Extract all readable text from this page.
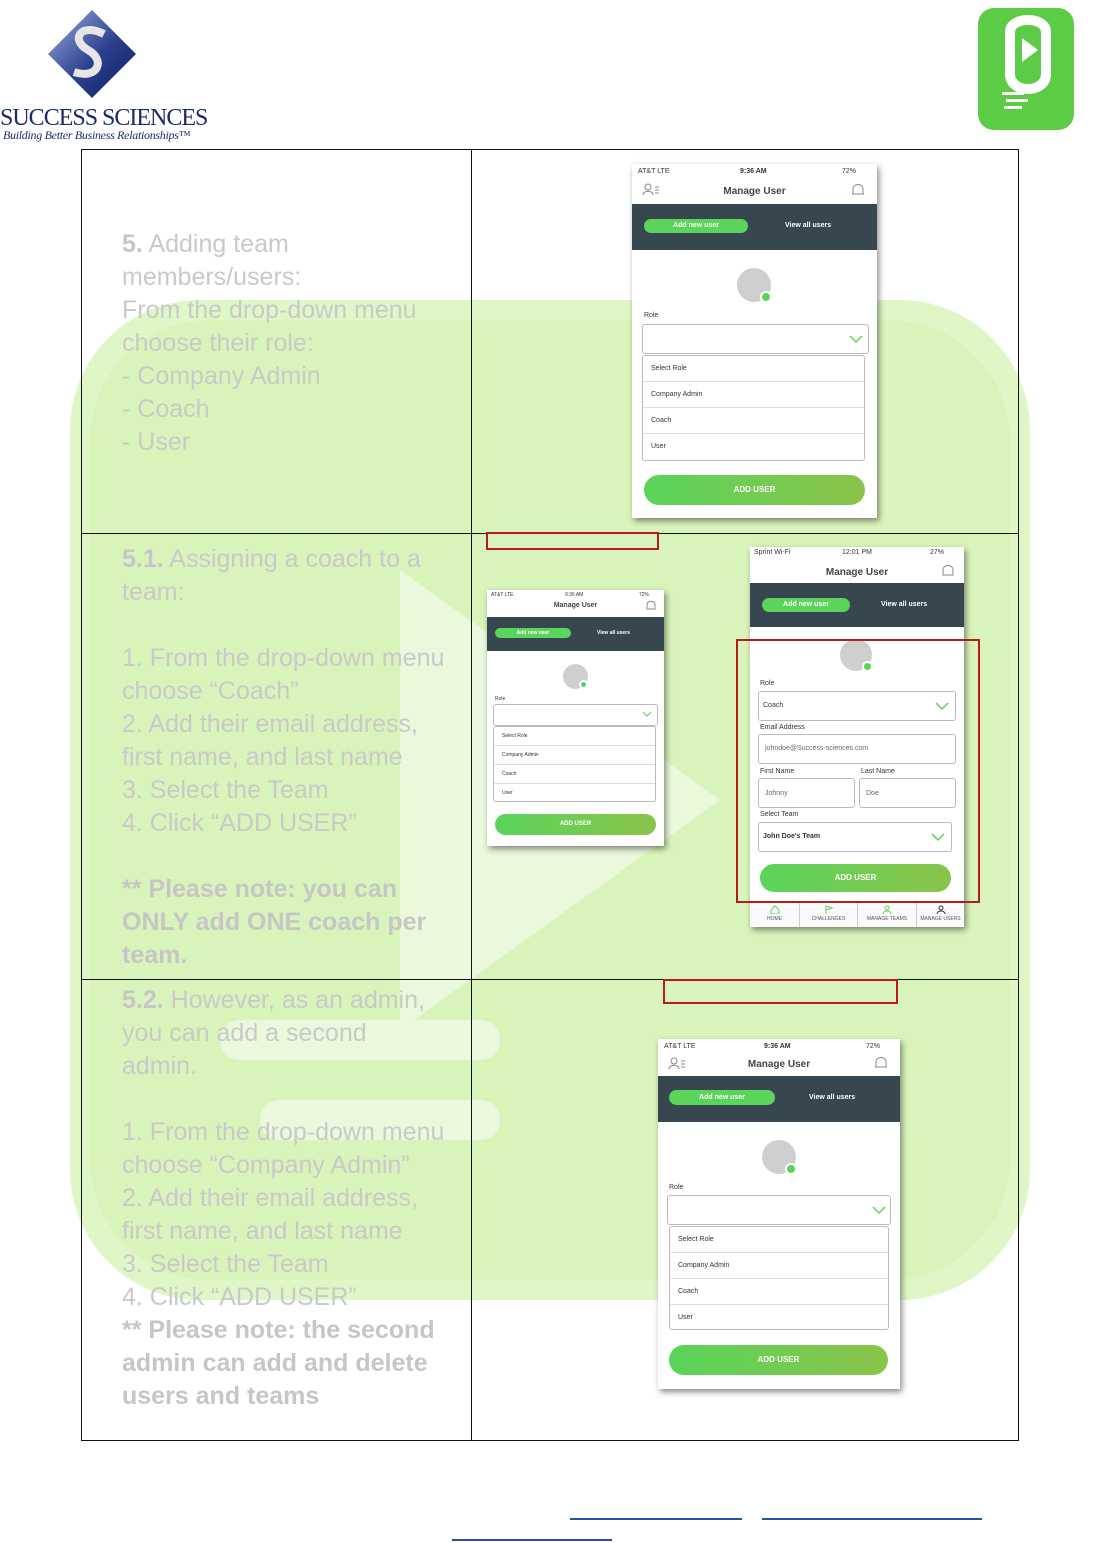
SUCCESS SCIENCES
Building Better Business Relationships™

5. Adding team

members/users:

From the drop-down menu

choose their role:

- Company Admin

- Coach

- User

AT&T LTE	9:36 AM	72%
Manage User
Add new user	View all users
Role
Select Role
Company Admin
Coach
User
ADD USER

5.1. Assigning a coach to a team:

1. From the drop-down menu choose “Coach”

2. Add their email address, first name, and last name

3. Select the Team

4. Click “ADD USER”

** Please note: you can ONLY add ONE coach per team.

AT&T LTE	9:36 AM	72%
Manage User
Add new user	View all users
Role
Select Role
Company Admin
Coach
User
ADD USER
Sprint Wi-Fi	12:01 PM	27%
Manage User
Add new user	View all users
Role
Coach
Email Address
johndoe@Success-sciences.com
First Name	Last Name
Johnny	Doe
Select Team
John Doe's Team
ADD USER
HOME	CHALLENGES	MANAGE TEAMS	MANAGE USERS

5.2. However, as an admin, you can add a second admin.

1. From the drop-down menu choose “Company Admin”

2. Add their email address, first name, and last name

3. Select the Team

4. Click “ADD USER”

** Please note: the second admin can add and delete users and teams

AT&T LTE	9:36 AM	72%
Manage User
Add new user	View all users
Role
Select Role
Company Admin
Coach
User
ADD USER
